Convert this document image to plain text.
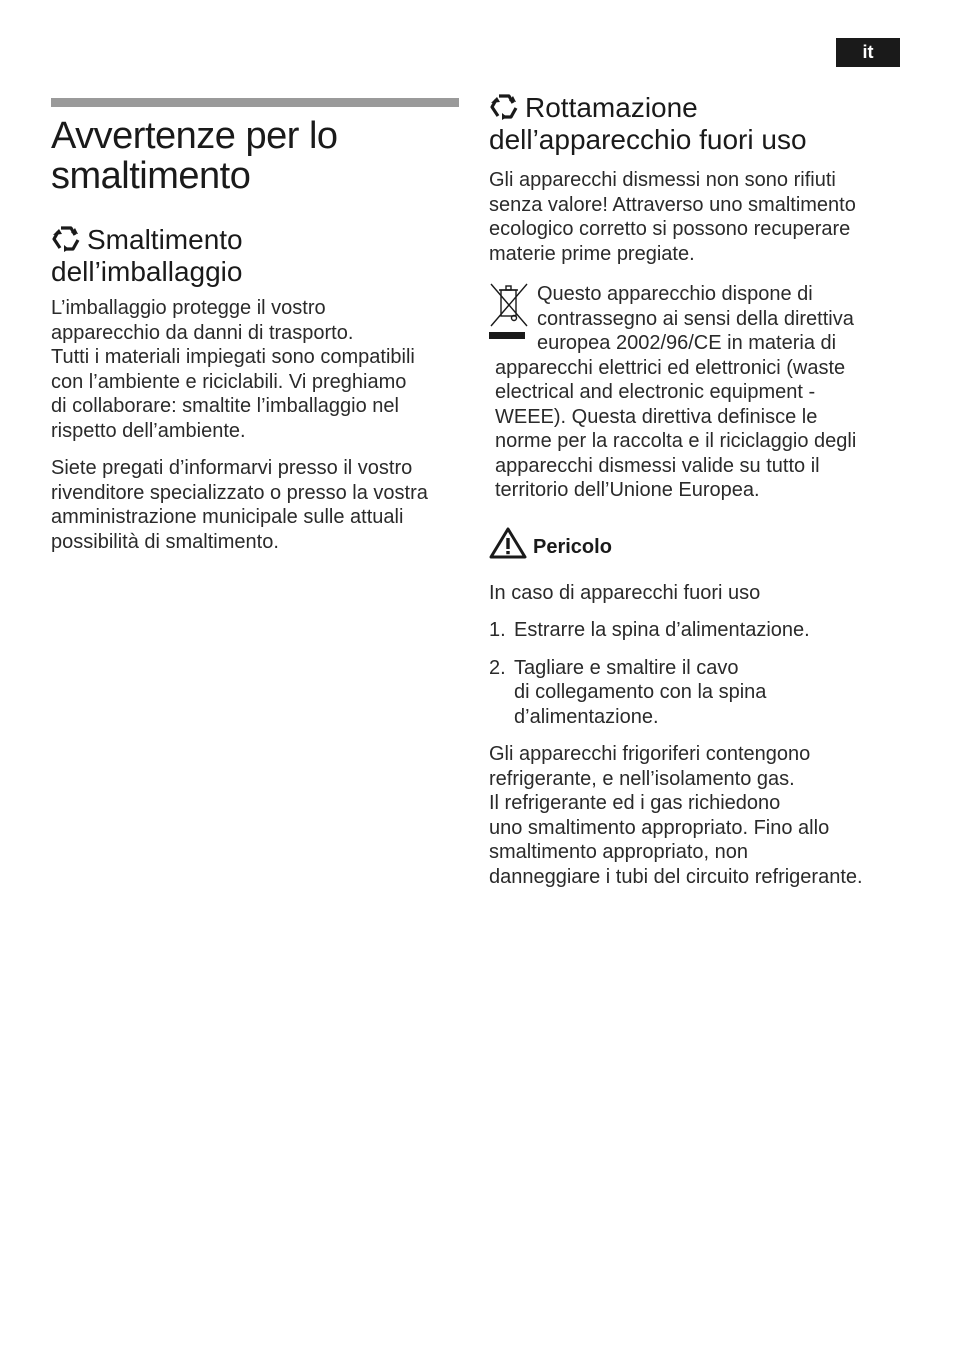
it
Avvertenze per lo
smaltimento
Smaltimento
dell’imballaggio

L’imballaggio protegge il vostro
apparecchio da danni di trasporto.
Tutti i materiali impiegati sono compatibili
con l’ambiente e riciclabili. Vi preghiamo
di collaborare: smaltite l’imballaggio nel
rispetto dell’ambiente.

Siete pregati d’informarvi presso il vostro
rivenditore specializzato o presso la vostra
amministrazione municipale sulle attuali
possibilità di smaltimento.

Rottamazione
dell’apparecchio fuori uso

Gli apparecchi dismessi non sono rifiuti
senza valore! Attraverso uno smaltimento
ecologico corretto si possono recuperare
materie prime pregiate.

Questo apparecchio dispone di

contrassegno ai sensi della direttiva

europea 2002/96/CE in materia di

apparecchi elettrici ed elettronici (waste

electrical and electronic equipment -

WEEE). Questa direttiva definisce le

norme per la raccolta e il riciclaggio degli

apparecchi dismessi valide su tutto il

territorio dell’Unione Europea.

Pericolo

In caso di apparecchi fuori uso

1. Estrarre la spina d’alimentazione.
2. Tagliare e smaltire il cavo
di collegamento con la spina
d’alimentazione.

Gli apparecchi frigoriferi contengono
refrigerante, e nell’isolamento gas.
Il refrigerante ed i gas richiedono
uno smaltimento appropriato. Fino allo
smaltimento appropriato, non
danneggiare i tubi del circuito refrigerante.
